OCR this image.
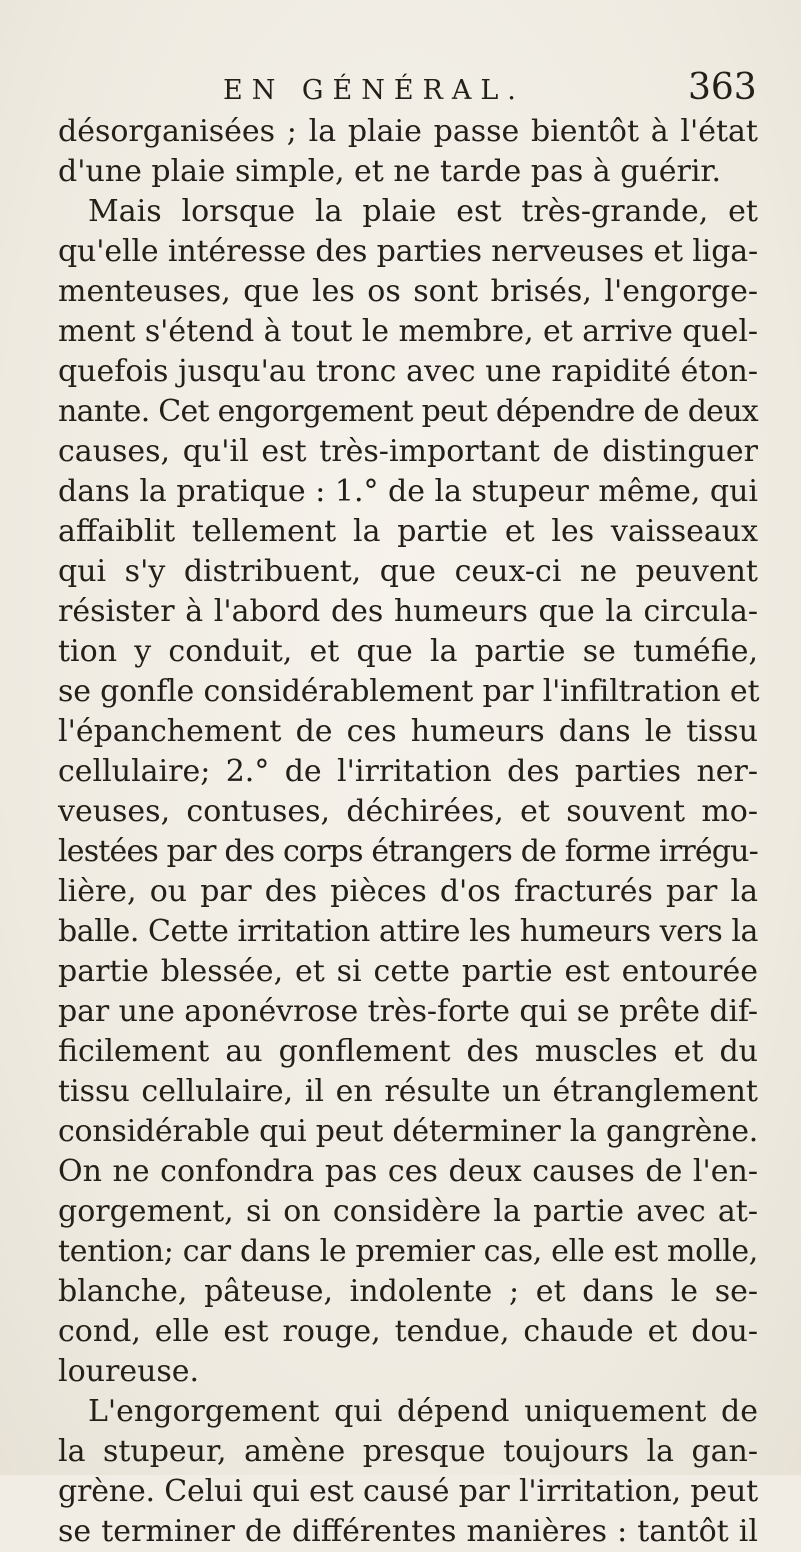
EN GÉNÉRAL.	363
désorganisées ; la plaie passe bientôt à l'état
d'une plaie simple, et ne tarde pas à guérir.
Mais lorsque la plaie est très-grande, et
qu'elle intéresse des parties nerveuses et liga-
menteuses, que les os sont brisés, l'engorge-
ment s'étend à tout le membre, et arrive quel-
quefois jusqu'au tronc avec une rapidité éton-
nante. Cet engorgement peut dépendre de deux
causes, qu'il est très-important de distinguer
dans la pratique : 1.° de la stupeur même, qui
affaiblit tellement la partie et les vaisseaux
qui s'y distribuent, que ceux-ci ne peuvent
résister à l'abord des humeurs que la circula-
tion y conduit, et que la partie se tuméfie,
se gonfle considérablement par l'infiltration et
l'épanchement de ces humeurs dans le tissu
cellulaire; 2.° de l'irritation des parties ner-
veuses, contuses, déchirées, et souvent mo-
lestées par des corps étrangers de forme irrégu-
lière, ou par des pièces d'os fracturés par la
balle. Cette irritation attire les humeurs vers la
partie blessée, et si cette partie est entourée
par une aponévrose très-forte qui se prête dif-
ficilement au gonflement des muscles et du
tissu cellulaire, il en résulte un étranglement
considérable qui peut déterminer la gangrène.
On ne confondra pas ces deux causes de l'en-
gorgement, si on considère la partie avec at-
tention; car dans le premier cas, elle est molle,
blanche, pâteuse, indolente ; et dans le se-
cond, elle est rouge, tendue, chaude et dou-
loureuse.
L'engorgement qui dépend uniquement de
la stupeur, amène presque toujours la gan-
grène. Celui qui est causé par l'irritation, peut
se terminer de différentes manières : tantôt il
